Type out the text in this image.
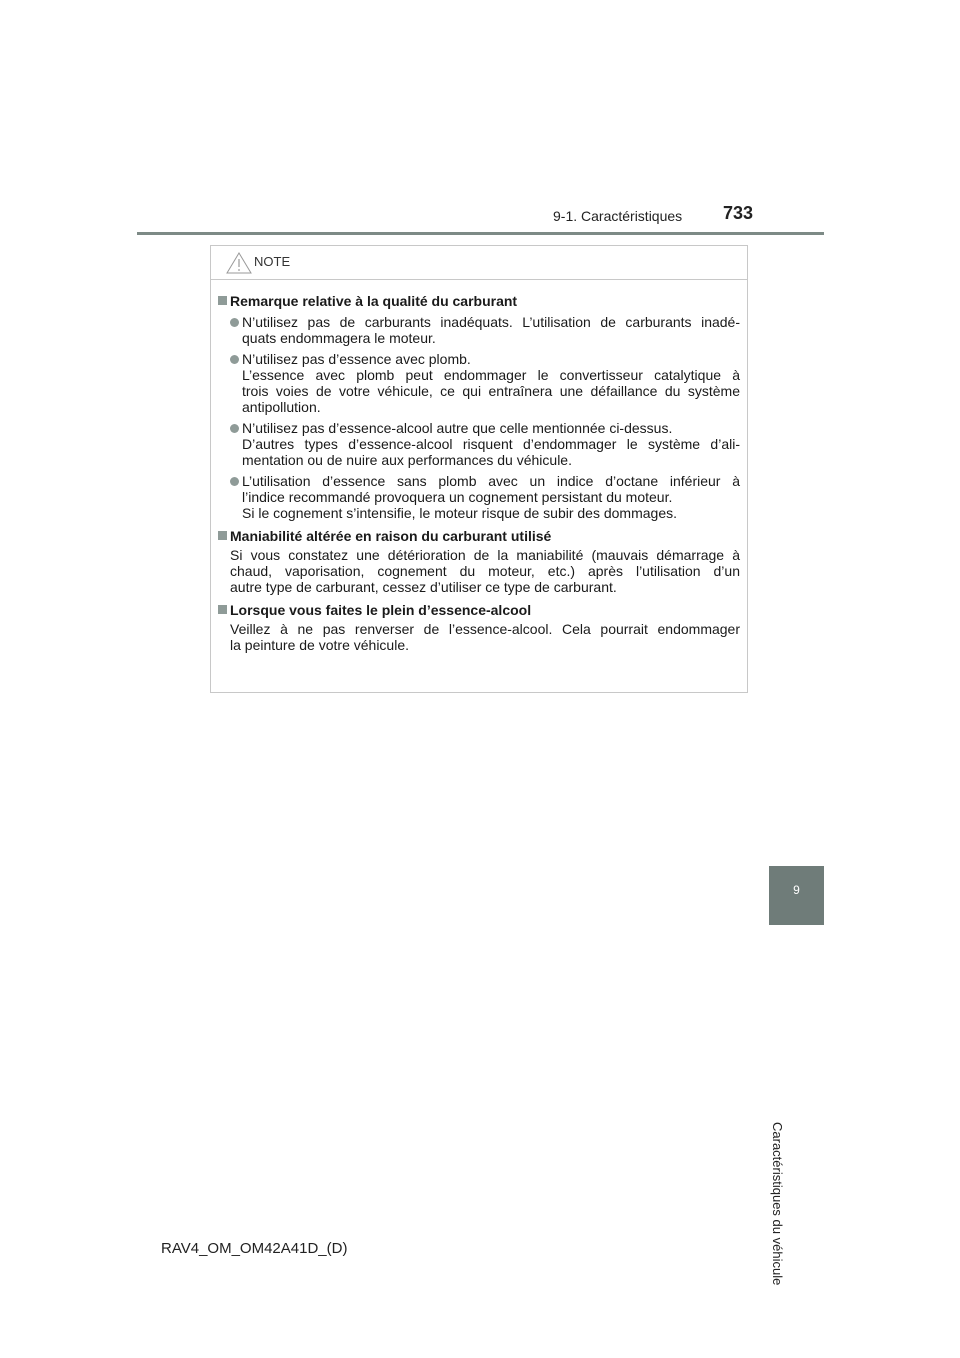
9-1. Caractéristiques 733
9
Caractéristiques du véhicule
NOTE
Remarque relative à la qualité du carburant
N’utilisez pas de carburants inadéquats. L’utilisation de carburants inadé-
quats endommagera le moteur.
N’utilisez pas d’essence avec plomb.
L’essence avec plomb peut endommager le convertisseur catalytique à
trois voies de votre véhicule, ce qui entraînera une défaillance du système
antipollution.
N’utilisez pas d’essence-alcool autre que celle mentionnée ci-dessus.
D’autres types d’essence-alcool risquent d’endommager le système d’ali-
mentation ou de nuire aux performances du véhicule.
L’utilisation d’essence sans plomb avec un indice d’octane inférieur à
l’indice recommandé provoquera un cognement persistant du moteur.
Si le cognement s’intensifie, le moteur risque de subir des dommages.
Maniabilité altérée en raison du carburant utilisé
Si vous constatez une détérioration de la maniabilité (mauvais démarrage à
chaud, vaporisation, cognement du moteur, etc.) après l’utilisation d’un
autre type de carburant, cessez d’utiliser ce type de carburant.
Lorsque vous faites le plein d’essence-alcool
Veillez à ne pas renverser de l’essence-alcool. Cela pourrait endommager
la peinture de votre véhicule.
RAV4_OM_OM42A41D_(D)
